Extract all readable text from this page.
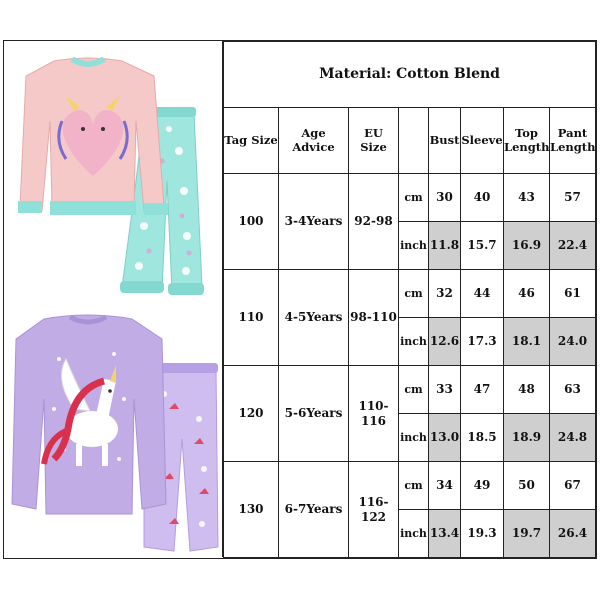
Material: Cotton Blend							
Tag Size	Age Advice	EU Size		Bust	Sleeve	Top Length	Pant Length
100	3-4Years	92-98	cm	30	40	43	57
			inch	11.8	15.7	16.9	22.4
110	4-5Years	98-110	cm	32	44	46	61
			inch	12.6	17.3	18.1	24.0
120	5-6Years	110-116	cm	33	47	48	63
			inch	13.0	18.5	18.9	24.8
130	6-7Years	116-122	cm	34	49	50	67
			inch	13.4	19.3	19.7	26.4
